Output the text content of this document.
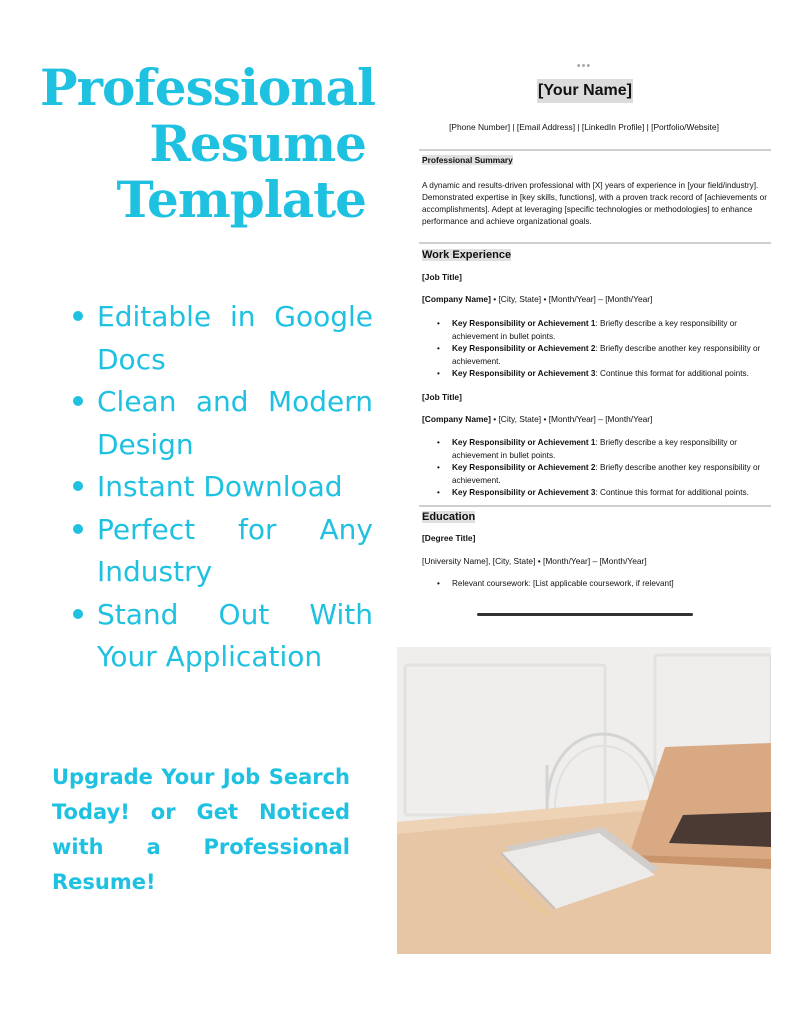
Professional
Resume
Template
Editable in Google Docs
Clean and Modern Design
Instant Download
Perfect for Any Industry
Stand Out With Your Application
Upgrade Your Job Search Today! or Get Noticed with a Professional Resume!
•••
[Your Name]
[Phone Number] | [Email Address] | [LinkedIn Profile] | [Portfolio/Website]
Professional Summary
A dynamic and results-driven professional with [X] years of experience in [your field/industry].
Demonstrated expertise in [key skills, functions], with a proven track record of [achievements or
accomplishments]. Adept at leveraging [specific technologies or methodologies] to enhance
performance and achieve organizational goals.
Work Experience
[Job Title]
[Company Name] • [City, State] • [Month/Year] – [Month/Year]
• Key Responsibility or Achievement 1: Briefly describe a key responsibility or
achievement in bullet points.
• Key Responsibility or Achievement 2: Briefly describe another key responsibility or
achievement.
• Key Responsibility or Achievement 3: Continue this format for additional points.
[Job Title]
[Company Name] • [City, State] • [Month/Year] – [Month/Year]
• Key Responsibility or Achievement 1: Briefly describe a key responsibility or
achievement in bullet points.
• Key Responsibility or Achievement 2: Briefly describe another key responsibility or
achievement.
• Key Responsibility or Achievement 3: Continue this format for additional points.
Education
[Degree Title]
[University Name], [City, State] • [Month/Year] – [Month/Year]
• Relevant coursework: [List applicable coursework, if relevant]
